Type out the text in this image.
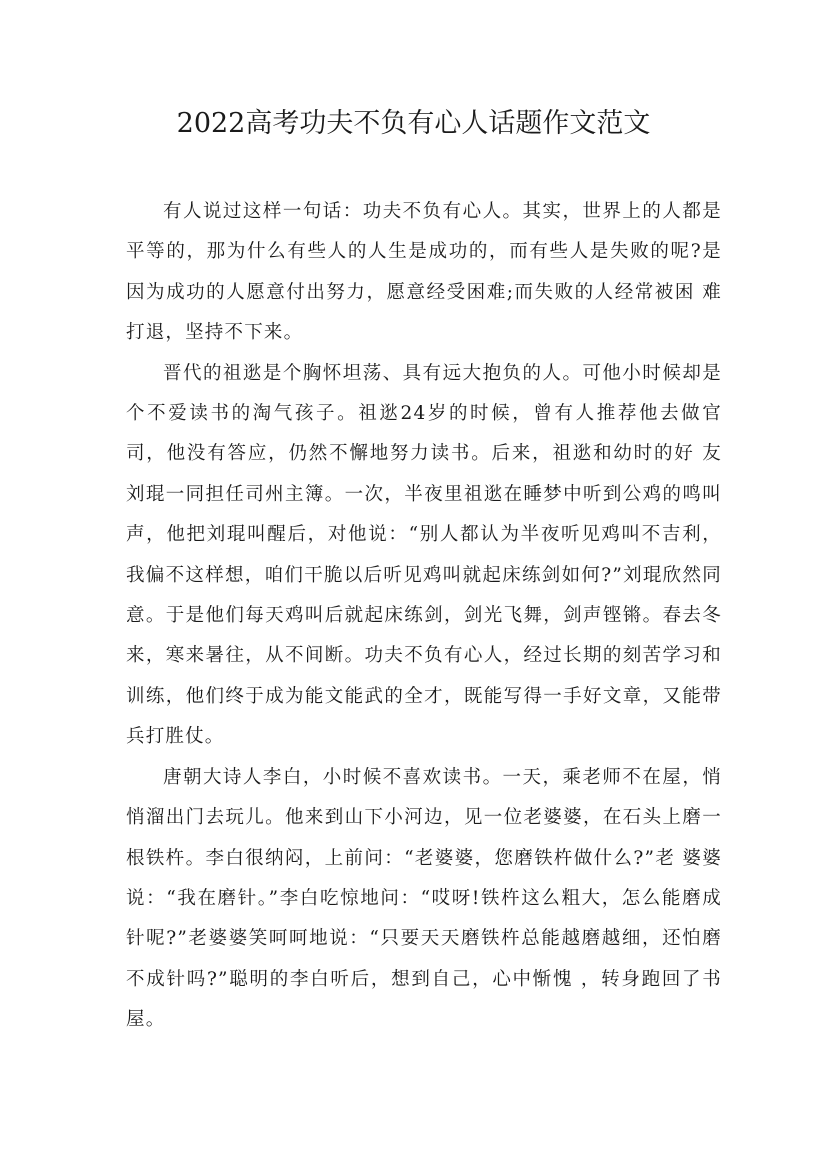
2022高考功夫不负有心人话题作文范文

有人说过这样一句话：功夫不负有心人。其实，世界上的人都是平等的，那为什么有些人的人生是成功的，而有些人是失败的呢?是因为成功的人愿意付出努力，愿意经受困难;而失败的人经常被困 难打退，坚持不下来。

晋代的祖逖是个胸怀坦荡、具有远大抱负的人。可他小时候却是个不爱读书的淘气孩子。祖逖24岁的时候，曾有人推荐他去做官司，他没有答应，仍然不懈地努力读书。后来，祖逖和幼时的好 友刘琨一同担任司州主簿。一次，半夜里祖逖在睡梦中听到公鸡的鸣叫声，他把刘琨叫醒后，对他说：“别人都认为半夜听见鸡叫不吉利，我偏不这样想，咱们干脆以后听见鸡叫就起床练剑如何?”刘琨欣然同意。于是他们每天鸡叫后就起床练剑，剑光飞舞，剑声铿锵。春去冬来，寒来暑往，从不间断。功夫不负有心人，经过长期的刻苦学习和训练，他们终于成为能文能武的全才，既能写得一手好文章，又能带兵打胜仗。

唐朝大诗人李白，小时候不喜欢读书。一天，乘老师不在屋，悄悄溜出门去玩儿。他来到山下小河边，见一位老婆婆，在石头上磨一根铁杵。李白很纳闷，上前问：“老婆婆，您磨铁杵做什么?”老 婆婆说：“我在磨针。”李白吃惊地问：“哎呀!铁杵这么粗大，怎么能磨成针呢?”老婆婆笑呵呵地说：“只要天天磨铁杵总能越磨越细，还怕磨不成针吗?”聪明的李白听后，想到自己，心中惭愧 ，转身跑回了书屋。
